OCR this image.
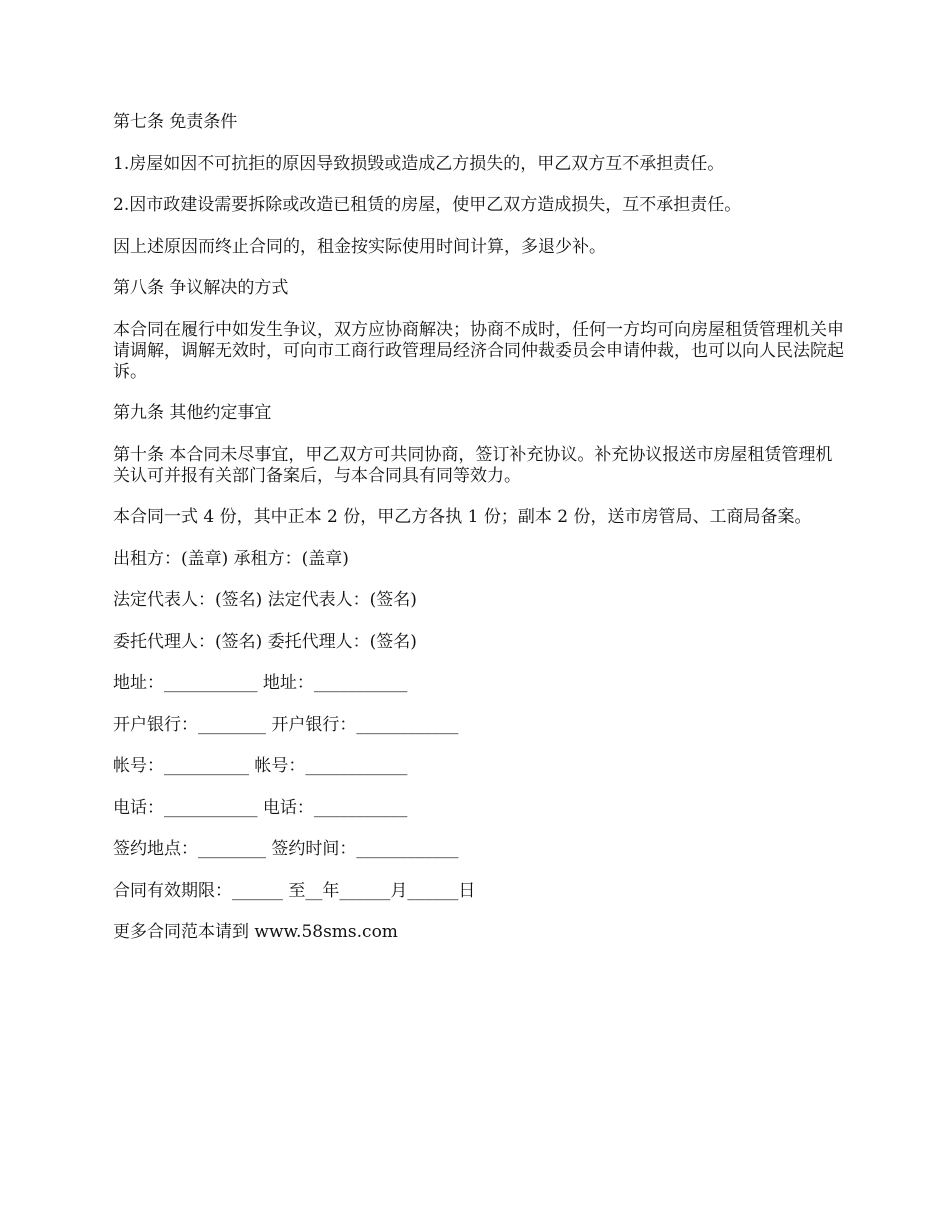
第七条 免责条件

1.房屋如因不可抗拒的原因导致损毁或造成乙方损失的，甲乙双方互不承担责任。

2.因市政建设需要拆除或改造已租赁的房屋，使甲乙双方造成损失，互不承担责任。

因上述原因而终止合同的，租金按实际使用时间计算，多退少补。

第八条 争议解决的方式

本合同在履行中如发生争议，双方应协商解决；协商不成时，任何一方均可向房屋租赁管理机关申请调解，调解无效时，可向市工商行政管理局经济合同仲裁委员会申请仲裁，也可以向人民法院起诉。

第九条 其他约定事宜

第十条 本合同未尽事宜，甲乙双方可共同协商，签订补充协议。补充协议报送市房屋租赁管理机关认可并报有关部门备案后，与本合同具有同等效力。

本合同一式 4 份，其中正本 2 份，甲乙方各执 1 份；副本 2 份，送市房管局、工商局备案。

出租方：(盖章) 承租方：(盖章)

法定代表人：(签名) 法定代表人：(签名)

委托代理人：(签名) 委托代理人：(签名)

地址：___________ 地址：___________

开户银行：________ 开户银行：____________

帐号：__________ 帐号：____________

电话：___________ 电话：___________

签约地点：________ 签约时间：____________

合同有效期限：______ 至__年______月______日

更多合同范本请到 www.58sms.com
